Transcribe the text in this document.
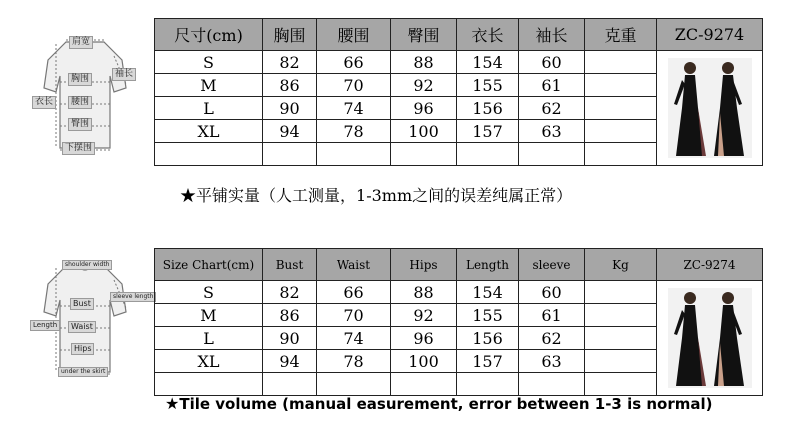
肩宽
袖长
胸围
衣长	腰围
臀围
下摆围
尺寸(cm)	胸围	腰围	臀围	衣长	袖长	克重	ZC-9274
S	82	66	88	154	60		

M	86	70	92	155	61		
L	90	74	96	156	62		
XL	94	78	100	157	63		

★平铺实量（人工测量，1-3mm之间的误差纯属正常）
shoulder width
sleeve length
Bust
Length	Waist
Hips
under the skirt
Size Chart(cm)	Bust	Waist	Hips	Length	sleeve	Kg	ZC-9274
S	82	66	88	154	60		

M	86	70	92	155	61		
L	90	74	96	156	62		
XL	94	78	100	157	63		

★Tile volume (manual easurement, error between 1-3 is normal)
